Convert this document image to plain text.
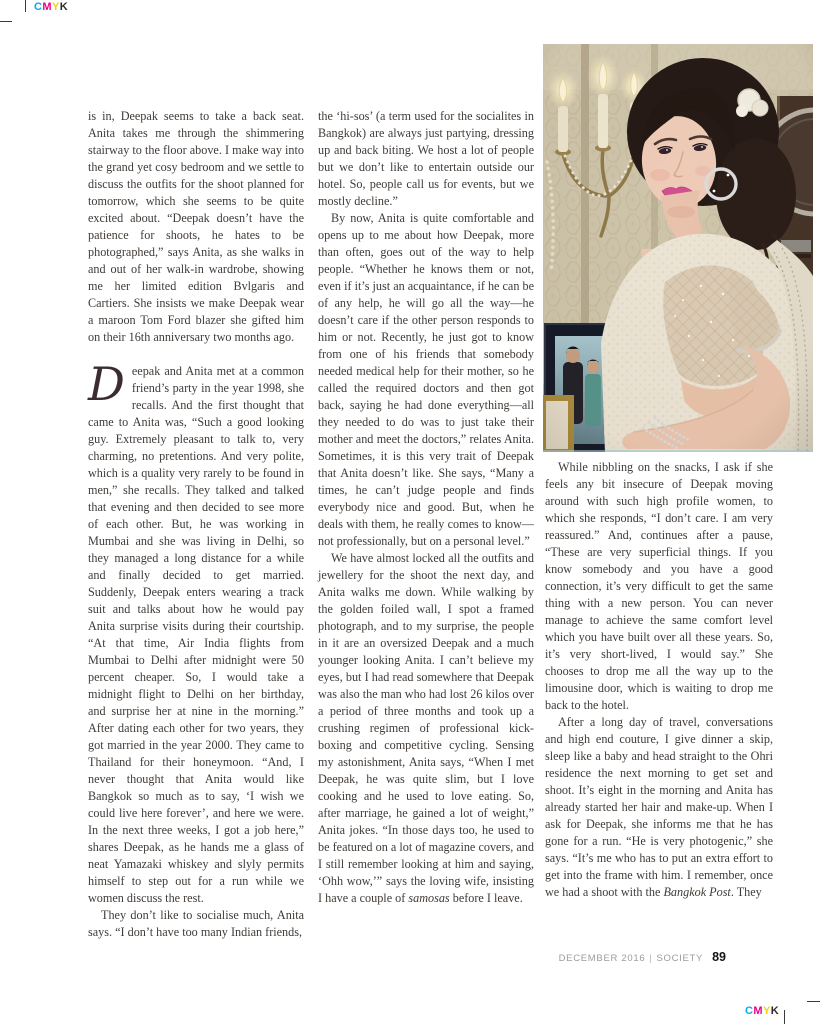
CMYK

is in, Deepak seems to take a back seat. Anita takes me through the shimmering stairway to the floor above. I make way into the grand yet cosy bedroom and we settle to discuss the outfits for the shoot planned for tomorrow, which she seems to be quite excited about. “Deepak doesn’t have the patience for shoots, he hates to be photographed,” says Anita, as she walks in and out of her walk-in wardrobe, showing me her limited edition Bvlgaris and Cartiers. She insists we make Deepak wear a maroon Tom Ford blazer she gifted him on their 16th anniversary two months ago.

Deepak and Anita met at a common friend’s party in the year 1998, she recalls. And the first thought that came to Anita was, “Such a good looking guy. Extremely pleasant to talk to, very charming, no pretentions. And very polite, which is a quality very rarely to be found in men,” she recalls. They talked and talked that evening and then decided to see more of each other. But, he was working in Mumbai and she was living in Delhi, so they managed a long distance for a while and finally decided to get married. Suddenly, Deepak enters wearing a track suit and talks about how he would pay Anita surprise visits during their courtship. “At that time, Air India flights from Mumbai to Delhi after midnight were 50 percent cheaper. So, I would take a midnight flight to Delhi on her birthday, and surprise her at nine in the morning.” After dating each other for two years, they got married in the year 2000. They came to Thailand for their honeymoon. “And, I never thought that Anita would like Bangkok so much as to say, ‘I wish we could live here forever’, and here we were. In the next three weeks, I got a job here,” shares Deepak, as he hands me a glass of neat Yamazaki whiskey and slyly permits himself to step out for a run while we women discuss the rest.

They don’t like to socialise much, Anita says. “I don’t have too many Indian friends,

the ‘hi-sos’ (a term used for the socialites in Bangkok) are always just partying, dressing up and back biting. We host a lot of people but we don’t like to entertain outside our hotel. So, people call us for events, but we mostly decline.”

By now, Anita is quite comfortable and opens up to me about how Deepak, more than often, goes out of the way to help people. “Whether he knows them or not, even if it’s just an acquaintance, if he can be of any help, he will go all the way—he doesn’t care if the other person responds to him or not. Recently, he just got to know from one of his friends that somebody needed medical help for their mother, so he called the required doctors and then got back, saying he had done everything—all they needed to do was to just take their mother and meet the doctors,” relates Anita. Sometimes, it is this very trait of Deepak that Anita doesn’t like. She says, “Many a times, he can’t judge people and finds everybody nice and good. But, when he deals with them, he really comes to know—not professionally, but on a personal level.”

We have almost locked all the outfits and jewellery for the shoot the next day, and Anita walks me down. While walking by the golden foiled wall, I spot a framed photograph, and to my surprise, the people in it are an oversized Deepak and a much younger looking Anita. I can’t believe my eyes, but I had read somewhere that Deepak was also the man who had lost 26 kilos over a period of three months and took up a crushing regimen of professional kick-boxing and competitive cycling. Sensing my astonishment, Anita says, “When I met Deepak, he was quite slim, but I love cooking and he used to love eating. So, after marriage, he gained a lot of weight,” Anita jokes. “In those days too, he used to be featured on a lot of magazine covers, and I still remember looking at him and saying, ‘Ohh wow,’” says the loving wife, insisting I have a couple of samosas before I leave.

While nibbling on the snacks, I ask if she feels any bit insecure of Deepak moving around with such high profile women, to which she responds, “I don’t care. I am very reassured.” And, continues after a pause, “These are very superficial things. If you know somebody and you have a good connection, it’s very difficult to get the same thing with a new person. You can never manage to achieve the same comfort level which you have built over all these years. So, it’s very short-lived, I would say.” She chooses to drop me all the way up to the limousine door, which is waiting to drop me back to the hotel.

After a long day of travel, conversations and high end couture, I give dinner a skip, sleep like a baby and head straight to the Ohri residence the next morning to get set and shoot. It’s eight in the morning and Anita has already started her hair and make-up. When I ask for Deepak, she informs me that he has gone for a run. “He is very photogenic,” she says. “It’s me who has to put an extra effort to get into the frame with him. I remember, once we had a shoot with the Bangkok Post. They

DECEMBER 2016 | SOCIETY 89
CMYK
